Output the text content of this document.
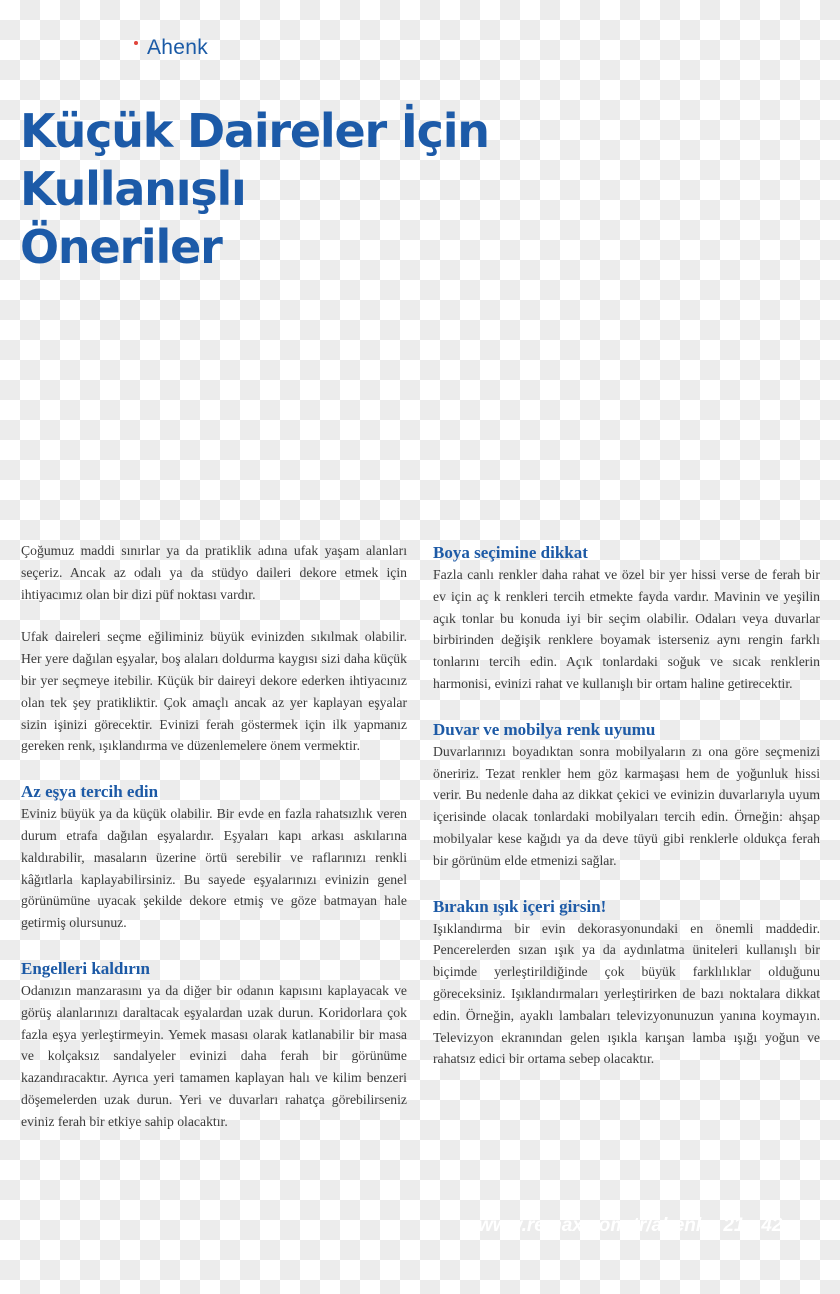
Ahenk
Küçük Daireler İçin
Kullanışlı
Öneriler

Çoğumuz maddi sınırlar ya da pratiklik adına ufak yaşam alanları seçeriz. Ancak az odalı ya da stüdyo daileri dekore etmek için ihtiyacımız olan bir dizi püf noktası vardır.

Ufak daireleri seçme eğiliminiz büyük evinizden sıkılmak olabilir. Her yere dağılan eşyalar, boş alaları doldurma kaygısı sizi daha küçük bir yer seçmeye itebilir. Küçük bir daireyi dekore ederken ihtiyacınız olan tek şey pratikliktir. Çok amaçlı ancak az yer kaplayan eşyalar sizin işinizi görecektir. Evinizi ferah göstermek için ilk yapmanız gereken renk, ışıklandırma ve düzenlemelere önem vermektir.

Az eşya tercih edin

Eviniz büyük ya da küçük olabilir. Bir evde en fazla rahatsızlık veren durum etrafa dağılan eşyalardır. Eşyaları kapı arkası askılarına kaldırabilir, masaların üzerine örtü serebilir ve raflarınızı renkli kâğıtlarla kaplayabilirsiniz. Bu sayede eşyalarınızı evinizin genel görünümüne uyacak şekilde dekore etmiş ve göze batmayan hale getirmiş olursunuz.

Engelleri kaldırın

Odanızın manzarasını ya da diğer bir odanın kapısını kaplayacak ve görüş alanlarınızı daraltacak eşyalardan uzak durun. Koridorlara çok fazla eşya yerleştirmeyin. Yemek masası olarak katlanabilir bir masa ve kolçaksız sandalyeler evinizi daha ferah bir görünüme kazandıracaktır. Ayrıca yeri tamamen kaplayan halı ve kilim benzeri döşemelerden uzak durun. Yeri ve duvarları rahatça görebilirseniz eviniz ferah bir etkiye sahip olacaktır.

Boya seçimine dikkat

Fazla canlı renkler daha rahat ve özel bir yer hissi verse de ferah bir ev için aç k renkleri tercih etmekte fayda vardır. Mavinin ve yeşilin açık tonlar bu konuda iyi bir seçim olabilir. Odaları veya duvarlar birbirinden değişik renklere boyamak isterseniz aynı rengin farklı tonlarını tercih edin. Açık tonlardaki soğuk ve sıcak renklerin harmonisi, evinizi rahat ve kullanışlı bir ortam haline getirecektir.

Duvar ve mobilya renk uyumu

Duvarlarınızı boyadıktan sonra mobilyaların zı ona göre seçmenizi öneririz. Tezat renkler hem göz karmaşası hem de yoğunluk hissi verir. Bu nedenle daha az dikkat çekici ve evinizin duvarlarıyla uyum içerisinde olacak tonlardaki mobilyaları tercih edin. Örneğin: ahşap mobilyalar kese kağıdı ya da deve tüyü gibi renklerle oldukça ferah bir görünüm elde etmenizi sağlar.

Bırakın ışık içeri girsin!

Işıklandırma bir evin dekorasyonundaki en önemli maddedir. Pencerelerden sızan ışık ya da aydınlatma üniteleri kullanışlı bir biçimde yerleştirildiğinde çok büyük farklılıklar olduğunu göreceksiniz. Işıklandırmaları yerleştirirken de bazı noktalara dikkat edin. Örneğin, ayaklı lambaları televizyonunuzun yanına koymayın. Televizyon ekranından gelen ışıkla karışan lamba ışığı yoğun ve rahatsız edici bir ortama sebep olacaktır.

www.remax.com.tr/ahenk · 21 · 42
